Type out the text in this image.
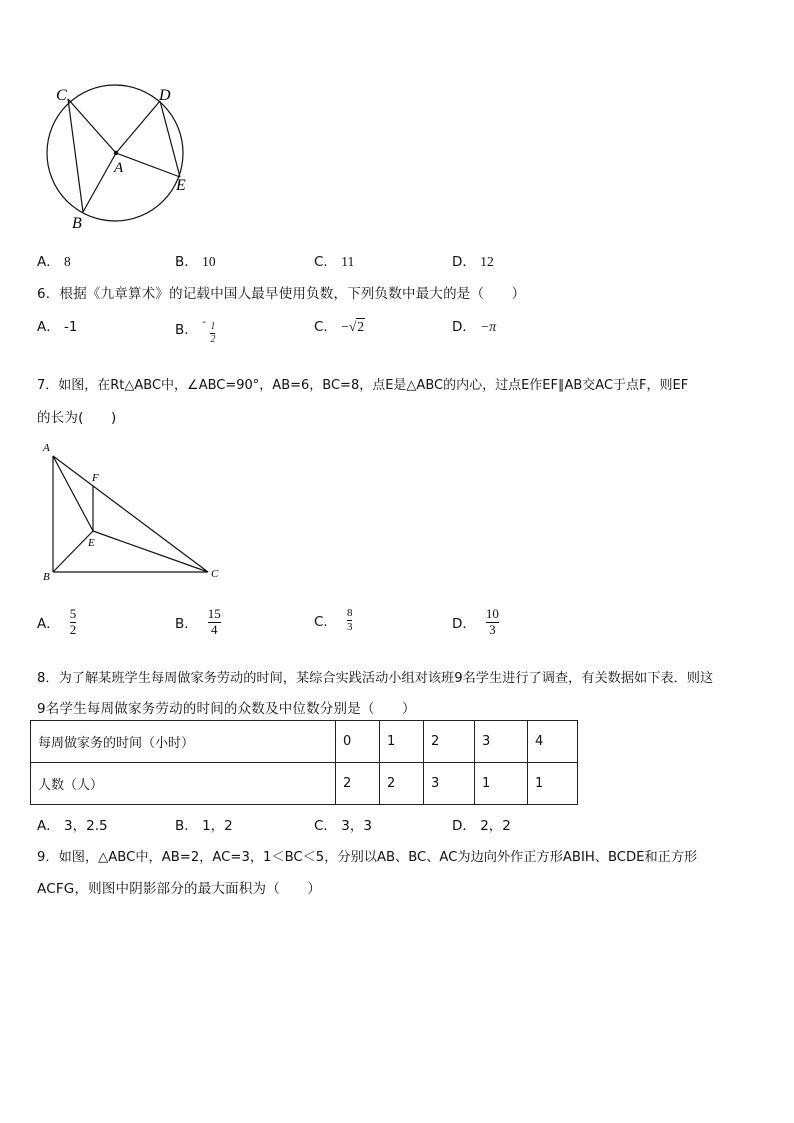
C	D
A
E
B
A． 8	B． 10	C． 11	D． 12
6．根据《九章算术》的记载中国人最早使用负数，下列负数中最大的是（　　）
A． -1	B． $^- \frac{1}{2}$	C． −√2	D． −π
7．如图，在Rt△ABC中，∠ABC=90°，AB=6，BC=8，点E是△ABC的内心，过点E作EF∥AB交AC于点F，则EF
的长为(　　)
A
F
E
B	C
A． $\frac{5}{2}$	B． $\frac{15}{4}$	C． $\frac{8}{3}$	D． $\frac{10}{3}$
8．为了解某班学生每周做家务劳动的时间，某综合实践活动小组对该班9名学生进行了调查，有关数据如下表．则这
9名学生每周做家务劳动的时间的众数及中位数分别是（　　）
每周做家务的时间（小时）	0	1	2	3	4
人数（人）	2	2	3	1	1
A． 3，2.5	B． 1，2	C． 3，3	D． 2，2
9．如图，△ABC中，AB=2，AC=3，1＜BC＜5，分别以AB、BC、AC为边向外作正方形ABIH、BCDE和正方形
ACFG，则图中阴影部分的最大面积为（　　）
